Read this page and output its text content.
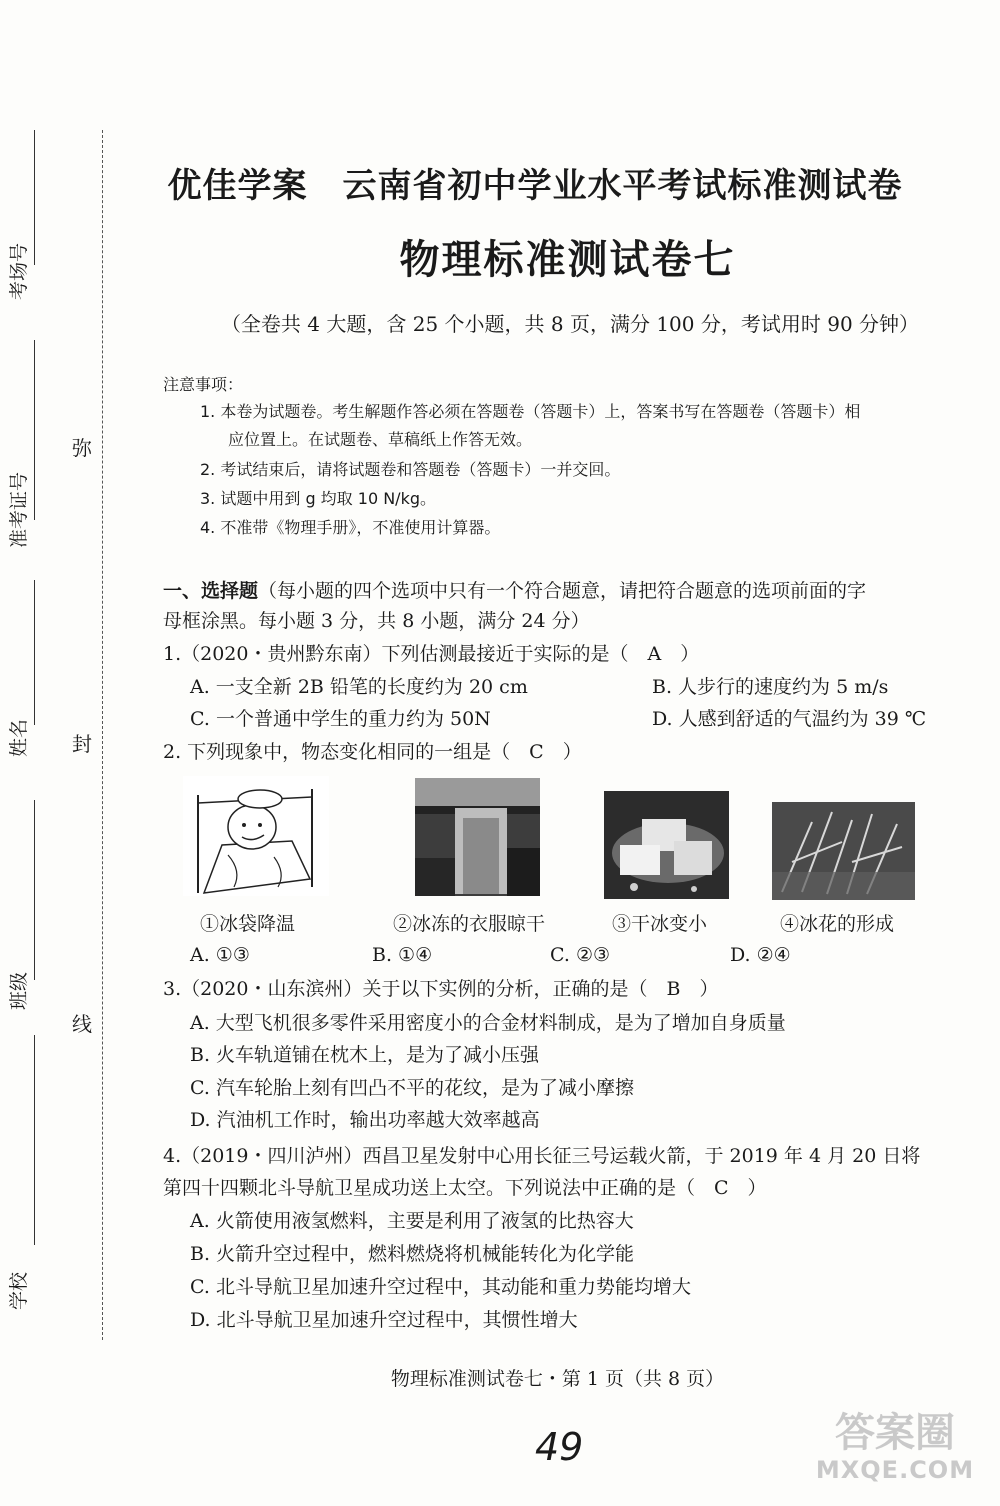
考场号
准考证号
姓名
班级
学校
弥
封
线
优佳学案　云南省初中学业水平考试标准测试卷
物理标准测试卷七
（全卷共 4 大题，含 25 个小题，共 8 页，满分 100 分，考试用时 90 分钟）
注意事项：
1. 本卷为试题卷。考生解题作答必须在答题卷（答题卡）上，答案书写在答题卷（答题卡）相
应位置上。在试题卷、草稿纸上作答无效。
2. 考试结束后，请将试题卷和答题卷（答题卡）一并交回。
3. 试题中用到 g 均取 10 N/kg。
4. 不准带《物理手册》，不准使用计算器。
一、选择题（每小题的四个选项中只有一个符合题意，请把符合题意的选项前面的字
母框涂黑。每小题 3 分，共 8 小题，满分 24 分）
1.（2020・贵州黔东南）下列估测最接近于实际的是（　A　）
A. 一支全新 2B 铅笔的长度约为 20 cm	B. 人步行的速度约为 5 m/s
C. 一个普通中学生的重力约为 50N	D. 人感到舒适的气温约为 39 ℃
2. 下列现象中，物态变化相同的一组是（　C　）
①冰袋降温	②冰冻的衣服晾干	③干冰变小	④冰花的形成
A. ①③	B. ①④	C. ②③	D. ②④
3.（2020・山东滨州）关于以下实例的分析，正确的是（　B　）
A. 大型飞机很多零件采用密度小的合金材料制成，是为了增加自身质量
B. 火车轨道铺在枕木上，是为了减小压强
C. 汽车轮胎上刻有凹凸不平的花纹，是为了减小摩擦
D. 汽油机工作时，输出功率越大效率越高
4.（2019・四川泸州）西昌卫星发射中心用长征三号运载火箭，于 2019 年 4 月 20 日将
第四十四颗北斗导航卫星成功送上太空。下列说法中正确的是（　C　）
A. 火箭使用液氢燃料，主要是利用了液氢的比热容大
B. 火箭升空过程中，燃料燃烧将机械能转化为化学能
C. 北斗导航卫星加速升空过程中，其动能和重力势能均增大
D. 北斗导航卫星加速升空过程中，其惯性增大
物理标准测试卷七・第 1 页（共 8 页）
49	答案圈
MXQE.COM
